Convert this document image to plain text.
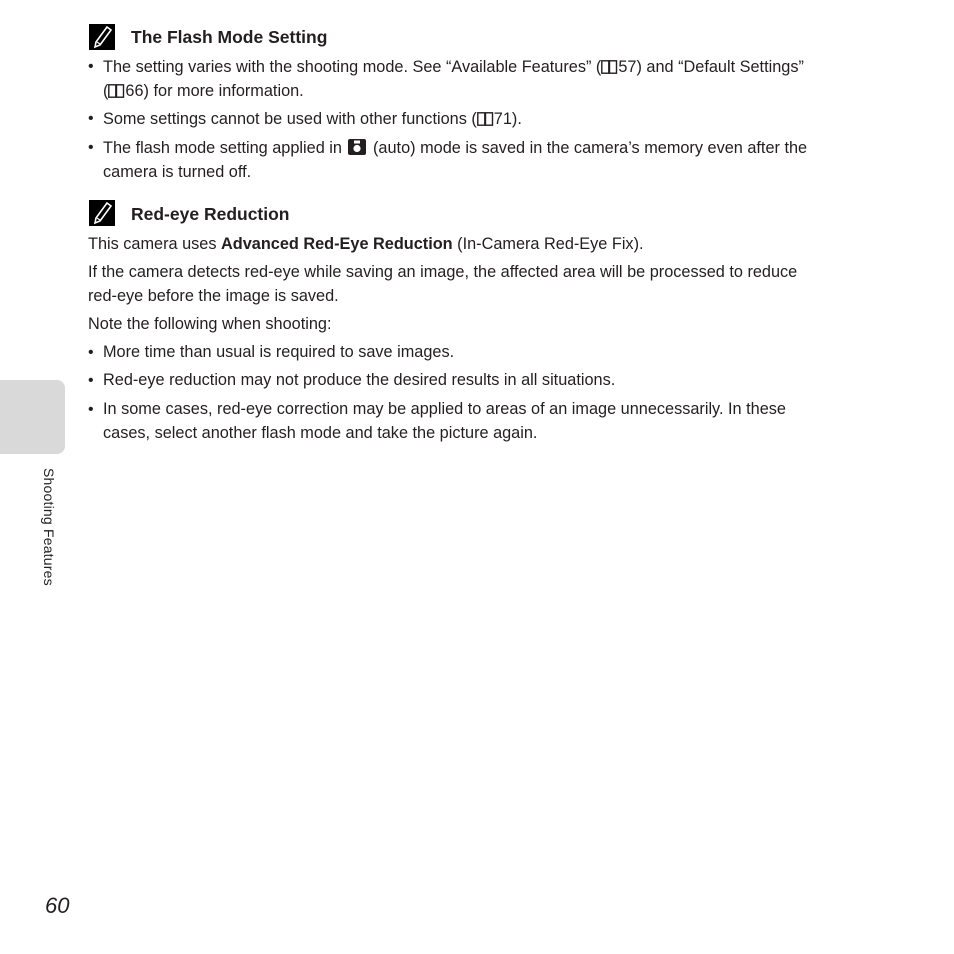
Shooting Features
The Flash Mode Setting
• The setting varies with the shooting mode. See “Available Features” ( 57) and “Default Settings”
( 66) for more information.
• Some settings cannot be used with other functions ( 71).
• The flash mode setting applied in (auto) mode is saved in the camera’s memory even after the
camera is turned off.
Red-eye Reduction
This camera uses Advanced Red-Eye Reduction (In-Camera Red-Eye Fix).
If the camera detects red-eye while saving an image, the affected area will be processed to reduce
red-eye before the image is saved.
Note the following when shooting:
• More time than usual is required to save images.
• Red-eye reduction may not produce the desired results in all situations.
• In some cases, red-eye correction may be applied to areas of an image unnecessarily. In these
cases, select another flash mode and take the picture again.
60
